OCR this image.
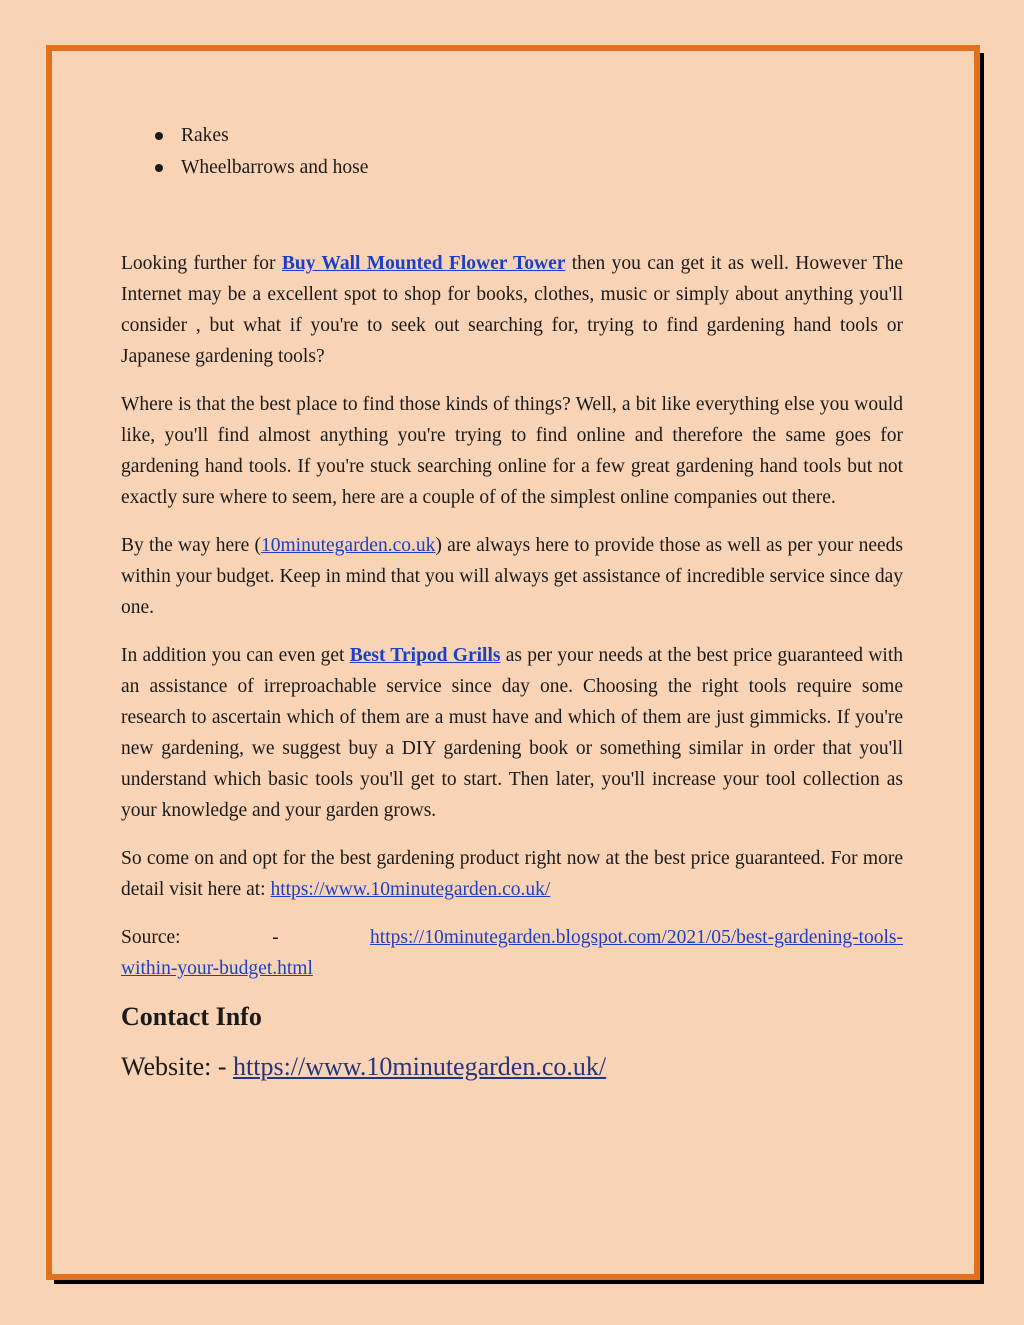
Rakes
Wheelbarrows and hose

Looking further for Buy Wall Mounted Flower Tower then you can get it as well. However The Internet may be a excellent spot to shop for books, clothes, music or simply about anything you'll consider , but what if you're to seek out searching for, trying to find gardening hand tools or Japanese gardening tools?

Where is that the best place to find those kinds of things? Well, a bit like everything else you would like, you'll find almost anything you're trying to find online and therefore the same goes for gardening hand tools. If you're stuck searching online for a few great gardening hand tools but not exactly sure where to seem, here are a couple of of the simplest online companies out there.

By the way here (10minutegarden.co.uk) are always here to provide those as well as per your needs within your budget. Keep in mind that you will always get assistance of incredible service since day one.

In addition you can even get Best Tripod Grills as per your needs at the best price guaranteed with an assistance of irreproachable service since day one. Choosing the right tools require some research to ascertain which of them are a must have and which of them are just gimmicks. If you're new gardening, we suggest buy a DIY gardening book or something similar in order that you'll understand which basic tools you'll get to start. Then later, you'll increase your tool collection as your knowledge and your garden grows.

So come on and opt for the best gardening product right now at the best price guaranteed. For more detail visit here at: https://www.10minutegarden.co.uk/

Source:	-	https://10minutegarden.blogspot.com/2021/05/best-gardening-tools-
within-your-budget.html
Contact Info
Website: - https://www.10minutegarden.co.uk/
